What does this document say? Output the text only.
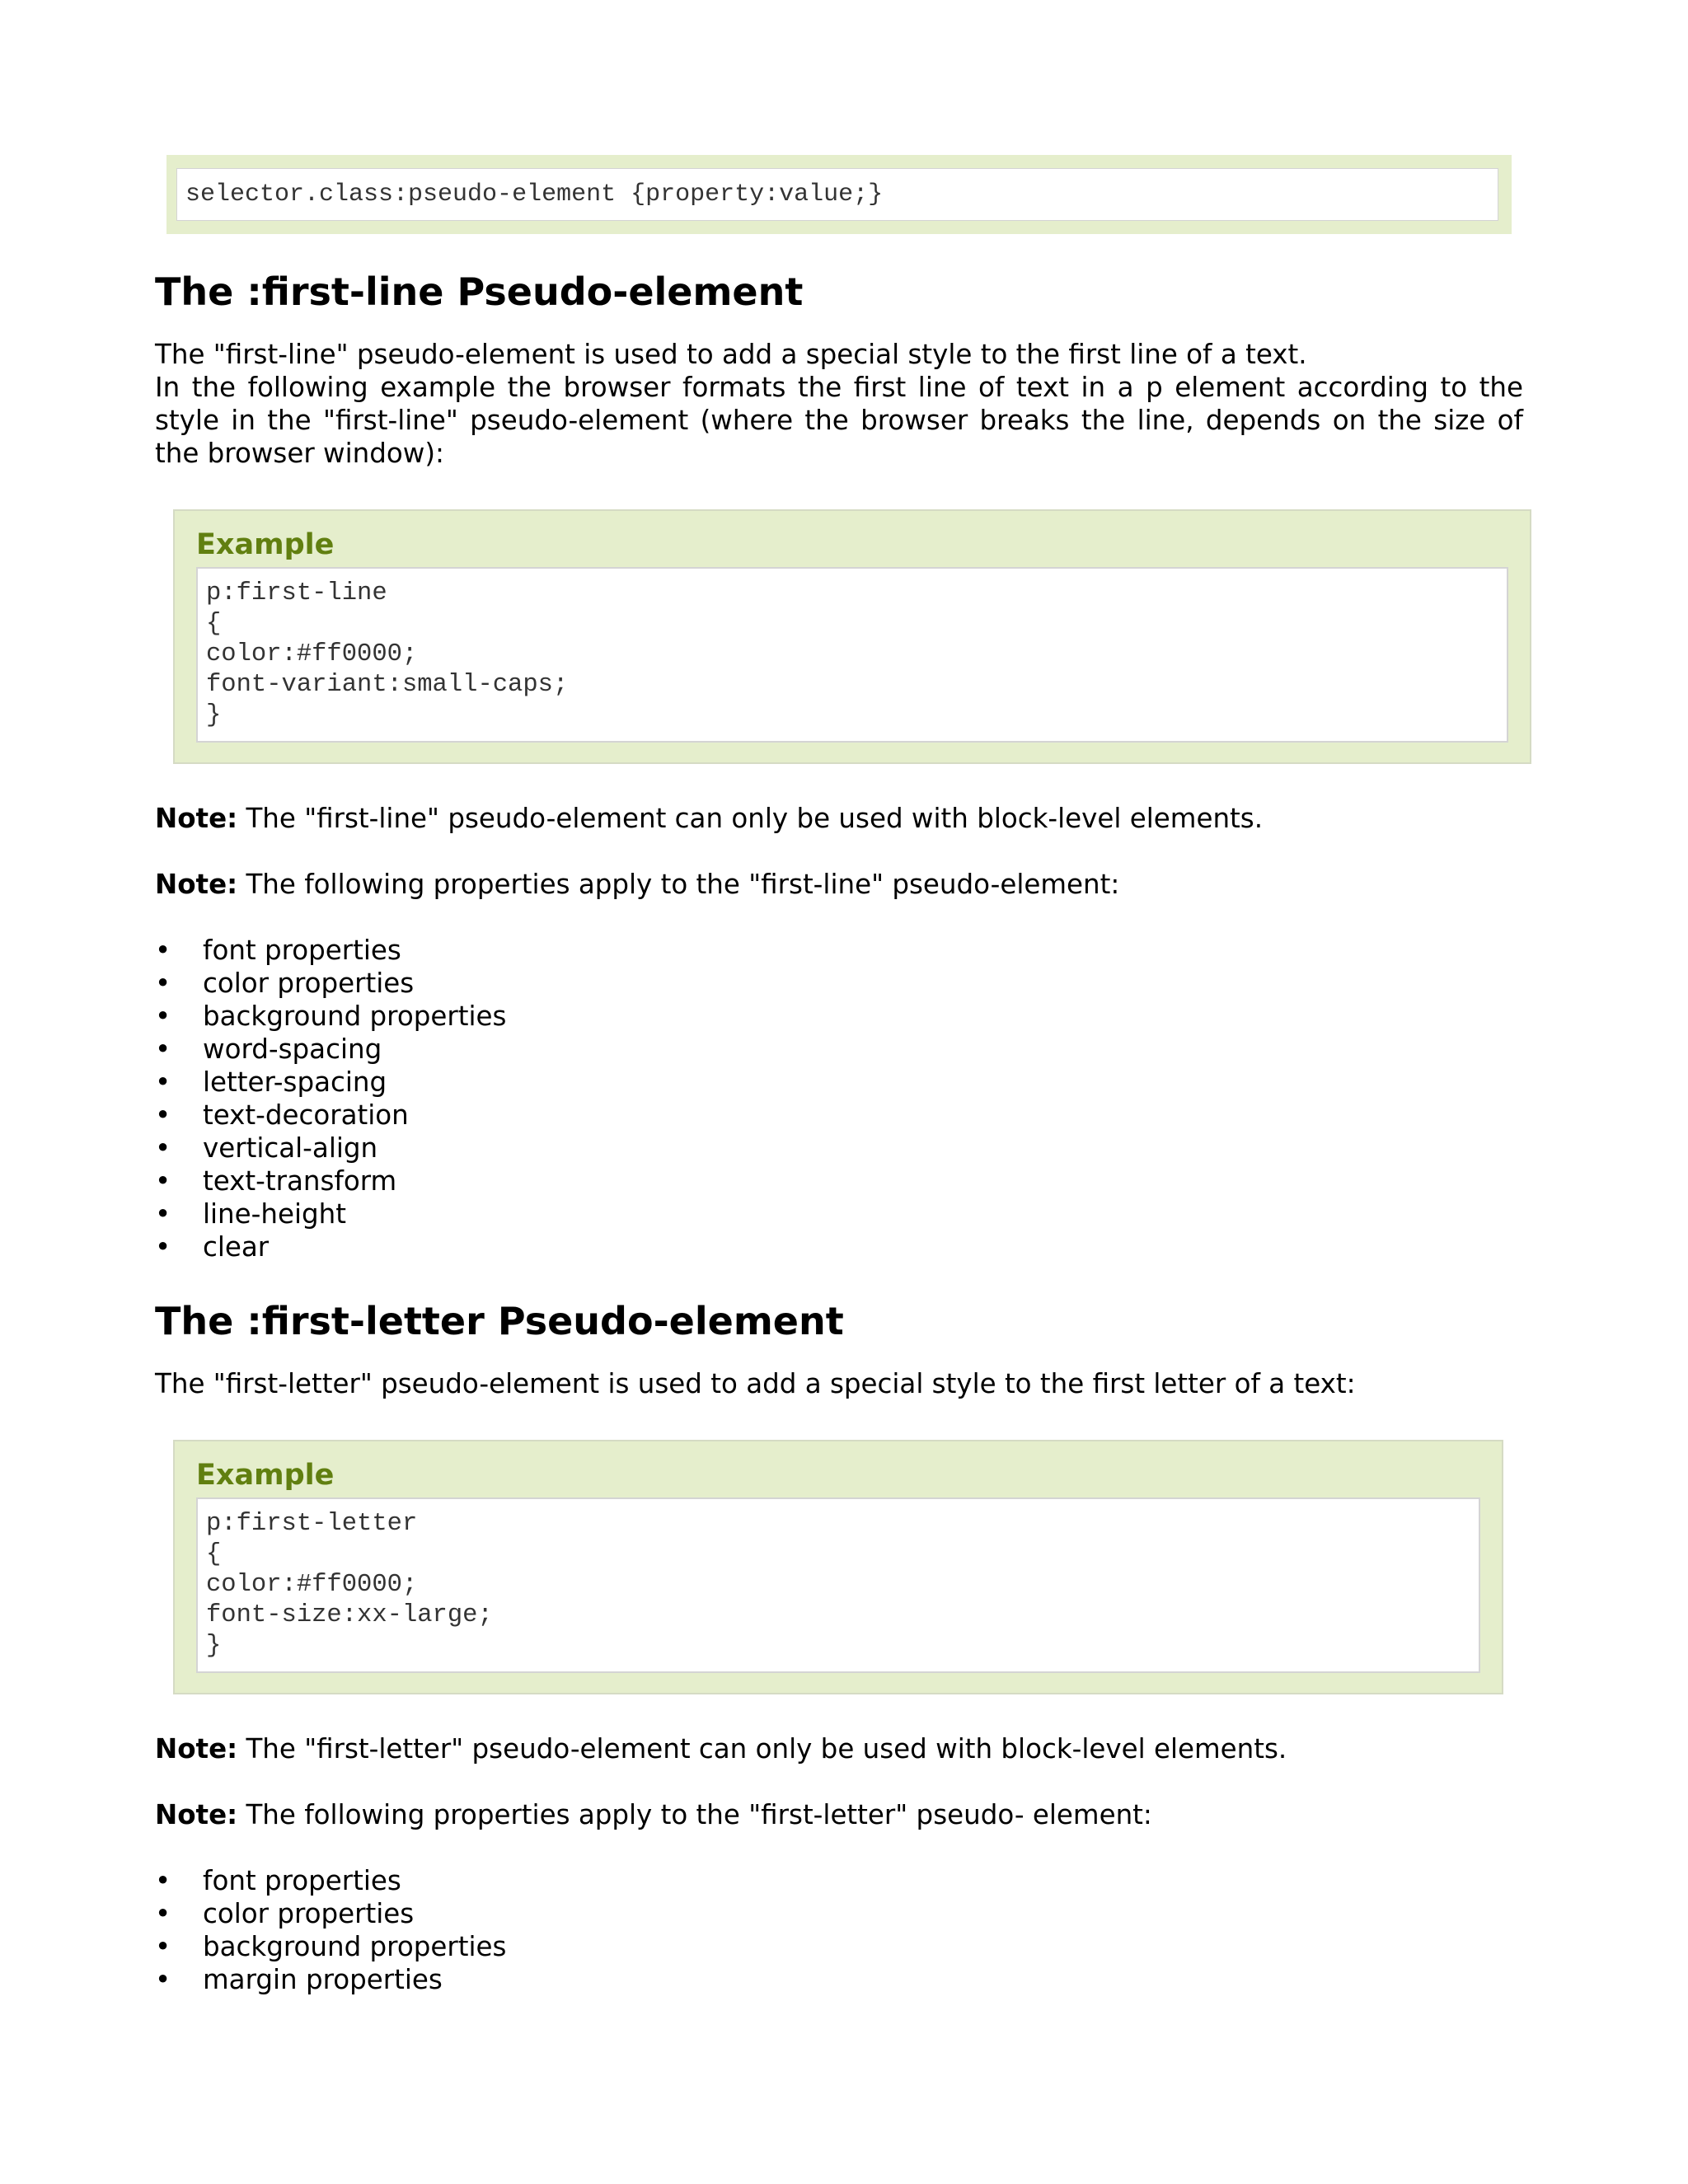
selector.class:pseudo-element {property:value;}
The :first-line Pseudo-element

The "first-line" pseudo-element is used to add a special style to the first line of a text.

In the following example the browser formats the first line of text in a p element according to the style in the "first-line" pseudo-element (where the browser breaks the line, depends on the size of the browser window):

Example
p:first-line
{
color:#ff0000;
font-variant:small-caps;
}

Note: The "first-line" pseudo-element can only be used with block-level elements.

Note: The following properties apply to the "first-line" pseudo-element:

• font properties
• color properties
• background properties
• word-spacing
• letter-spacing
• text-decoration
• vertical-align
• text-transform
• line-height
• clear
The :first-letter Pseudo-element

The "first-letter" pseudo-element is used to add a special style to the first letter of a text:

Example
p:first-letter
{
color:#ff0000;
font-size:xx-large;
}

Note: The "first-letter" pseudo-element can only be used with block-level elements.

Note: The following properties apply to the "first-letter" pseudo- element:

• font properties
• color properties
• background properties
• margin properties
